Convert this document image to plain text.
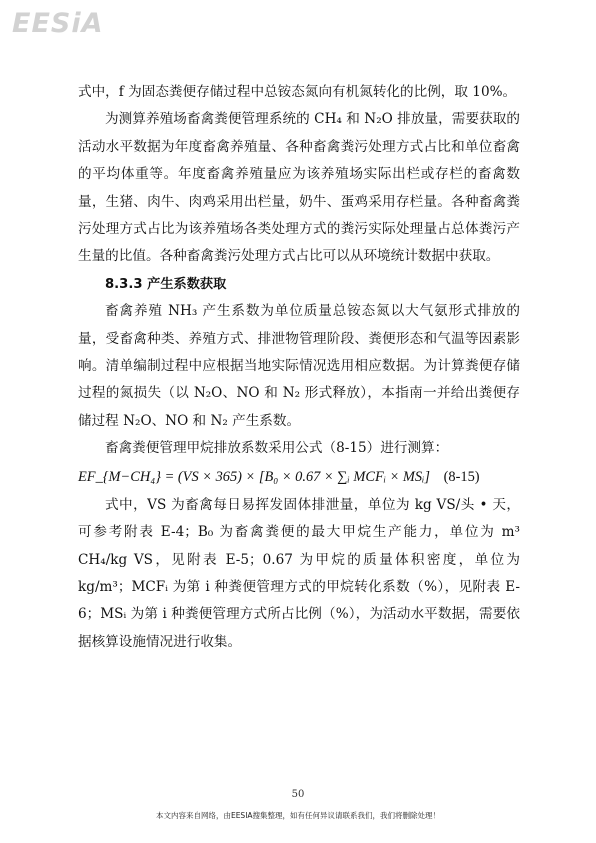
EESiA

式中，f 为固态粪便存储过程中总铵态氮向有机氮转化的比例，取 10%。

为测算养殖场畜禽粪便管理系统的 CH₄ 和 N₂O 排放量，需要获取的活动水平数据为年度畜禽养殖量、各种畜禽粪污处理方式占比和单位畜禽的平均体重等。年度畜禽养殖量应为该养殖场实际出栏或存栏的畜禽数量，生猪、肉牛、肉鸡采用出栏量，奶牛、蛋鸡采用存栏量。各种畜禽粪污处理方式占比为该养殖场各类处理方式的粪污实际处理量占总体粪污产生量的比值。各种畜禽粪污处理方式占比可以从环境统计数据中获取。

8.3.3 产生系数获取

畜禽养殖 NH₃ 产生系数为单位质量总铵态氮以大气氨形式排放的量，受畜禽种类、养殖方式、排泄物管理阶段、粪便形态和气温等因素影响。清单编制过程中应根据当地实际情况选用相应数据。为计算粪便存储过程的氮损失（以 N₂O、NO 和 N₂ 形式释放），本指南一并给出粪便存储过程 N₂O、NO 和 N₂ 产生系数。

畜禽粪便管理甲烷排放系数采用公式（8-15）进行测算：

EF_{M−CH₄} = (VS × 365) × [B₀ × 0.67 × ∑ᵢ MCFᵢ × MSᵢ] (8-15)

式中，VS 为畜禽每日易挥发固体排泄量，单位为 kg VS/头 • 天，可参考附表 E-4；B₀ 为畜禽粪便的最大甲烷生产能力，单位为 m³ CH₄/kg VS，见附表 E-5；0.67 为甲烷的质量体积密度，单位为 kg/m³；MCFᵢ 为第 i 种粪便管理方式的甲烷转化系数（%），见附表 E-6；MSᵢ 为第 i 种粪便管理方式所占比例（%），为活动水平数据，需要依据核算设施情况进行收集。

50
本文内容来自网络，由EESIA搜集整理，如有任何异议请联系我们，我们将删除处理！
